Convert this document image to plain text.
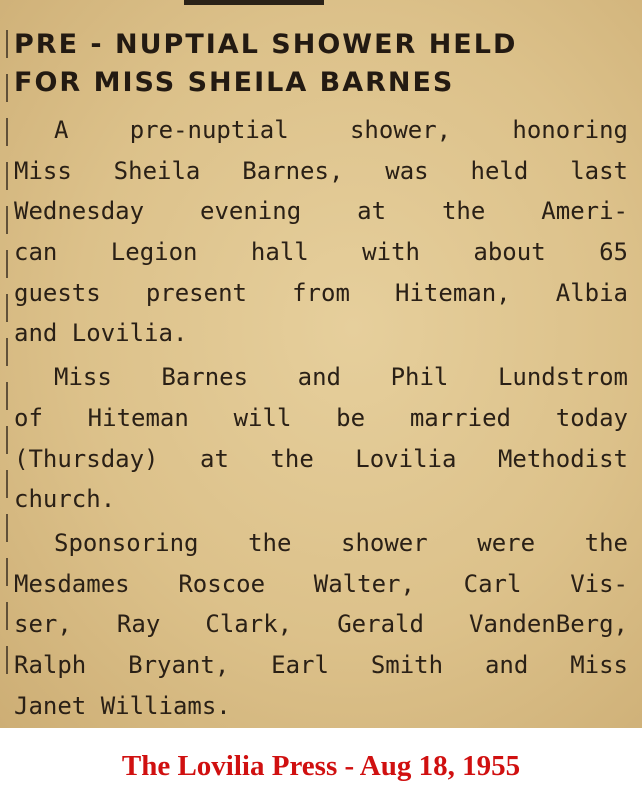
PRE - NUPTIAL SHOWER HELD
FOR MISS SHEILA BARNES

A pre-nuptial shower, honoring
Miss Sheila Barnes, was held last
Wednesday evening at the Ameri-
can Legion hall with about 65
guests present from Hiteman, Albia
and Lovilia.

Miss Barnes and Phil Lundstrom
of Hiteman will be married today
(Thursday) at the Lovilia Methodist
church.

Sponsoring the shower were the
Mesdames Roscoe Walter, Carl Vis-
ser, Ray Clark, Gerald VandenBerg,
Ralph Bryant, Earl Smith and Miss
Janet Williams.

The Lovilia Press - Aug 18, 1955
